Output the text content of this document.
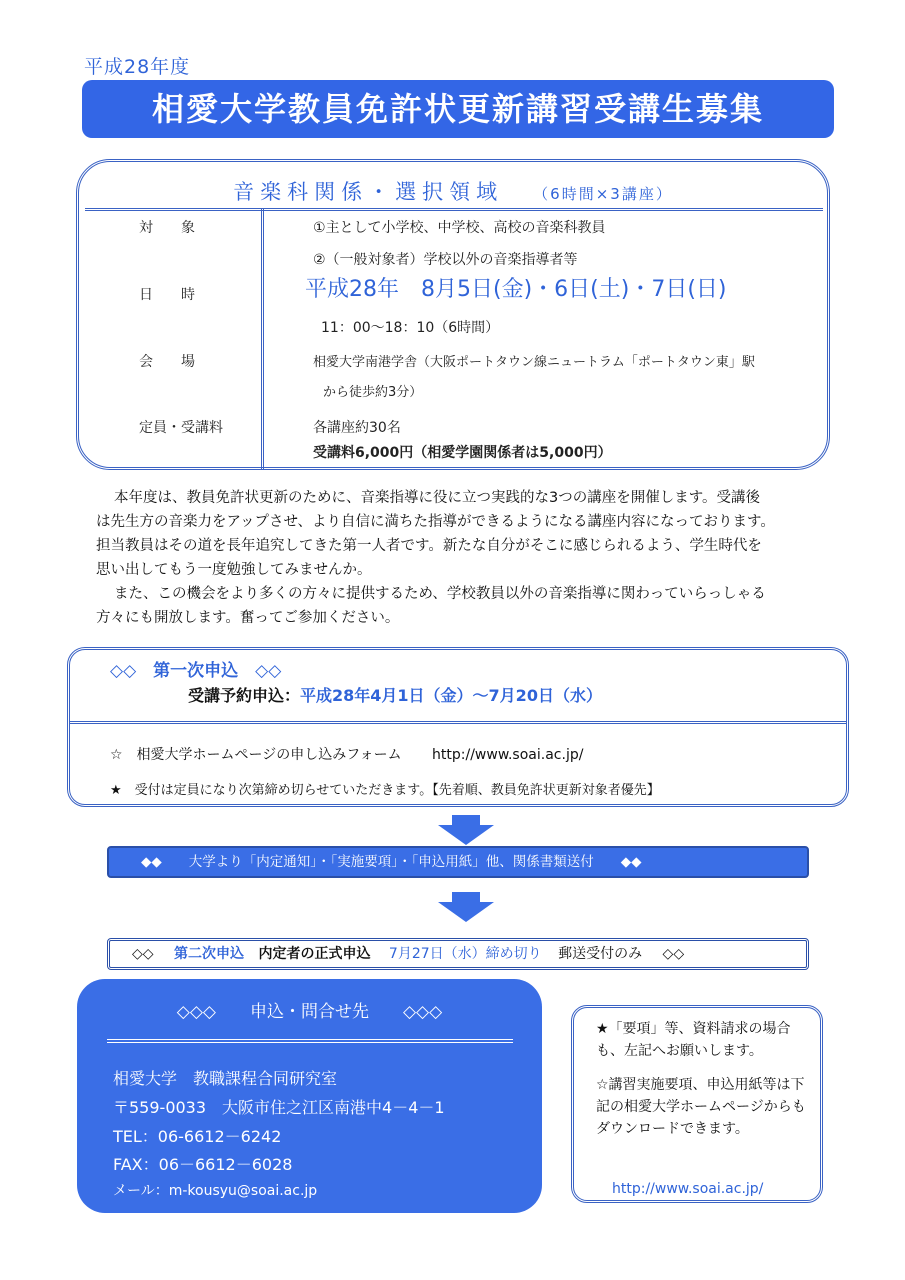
平成28年度
相愛大学教員免許状更新講習受講生募集
音楽科関係・選択領域 （6時間×3講座）
対　　象	①主として小学校、中学校、高校の音楽科教員
②（一般対象者）学校以外の音楽指導者等
日　　時	平成28年　8月5日(金)・6日(土)・7日(日)
11：00〜18：10（6時間）
会　　場	相愛大学南港学舎（大阪ポートタウン線ニュートラム「ポートタウン東」駅
から徒歩約3分）
定員・受講料	各講座約30名
受講料6,000円（相愛学園関係者は5,000円）
本年度は、教員免許状更新のために、音楽指導に役に立つ実践的な3つの講座を開催します。受講後
は先生方の音楽力をアップさせ、より自信に満ちた指導ができるようになる講座内容になっております。
担当教員はその道を長年追究してきた第一人者です。新たな自分がそこに感じられるよう、学生時代を
思い出してもう一度勉強してみませんか。
また、この機会をより多くの方々に提供するため、学校教員以外の音楽指導に関わっていらっしゃる
方々にも開放します。奮ってご参加ください。
◇◇　第一次申込　◇◇
受講予約申込：平成28年4月1日（金）〜7月20日（水）
☆　相愛大学ホームページの申し込みフォーム http://www.soai.ac.jp/
★　受付は定員になり次第締め切らせていただきます。【先着順、教員免許状更新対象者優先】
◆◆　　大学より「内定通知」・「実施要項」・「申込用紙」他、関係書類送付　　◆◆
◇◇ 第二次申込 内定者の正式申込 7月27日（水）締め切り 郵送受付のみ ◇◇
◇◇◇　　申込・問合せ先　　◇◇◇
相愛大学　教職課程合同研究室
〒559-0033　大阪市住之江区南港中4－4－1
TEL：06-6612－6242
FAX：06－6612－6028
メール：m-kousyu@soai.ac.jp
★「要項」等、資料請求の場合も、左記へお願いします。
☆講習実施要項、申込用紙等は下記の相愛大学ホームページからもダウンロードできます。
http://www.soai.ac.jp/
